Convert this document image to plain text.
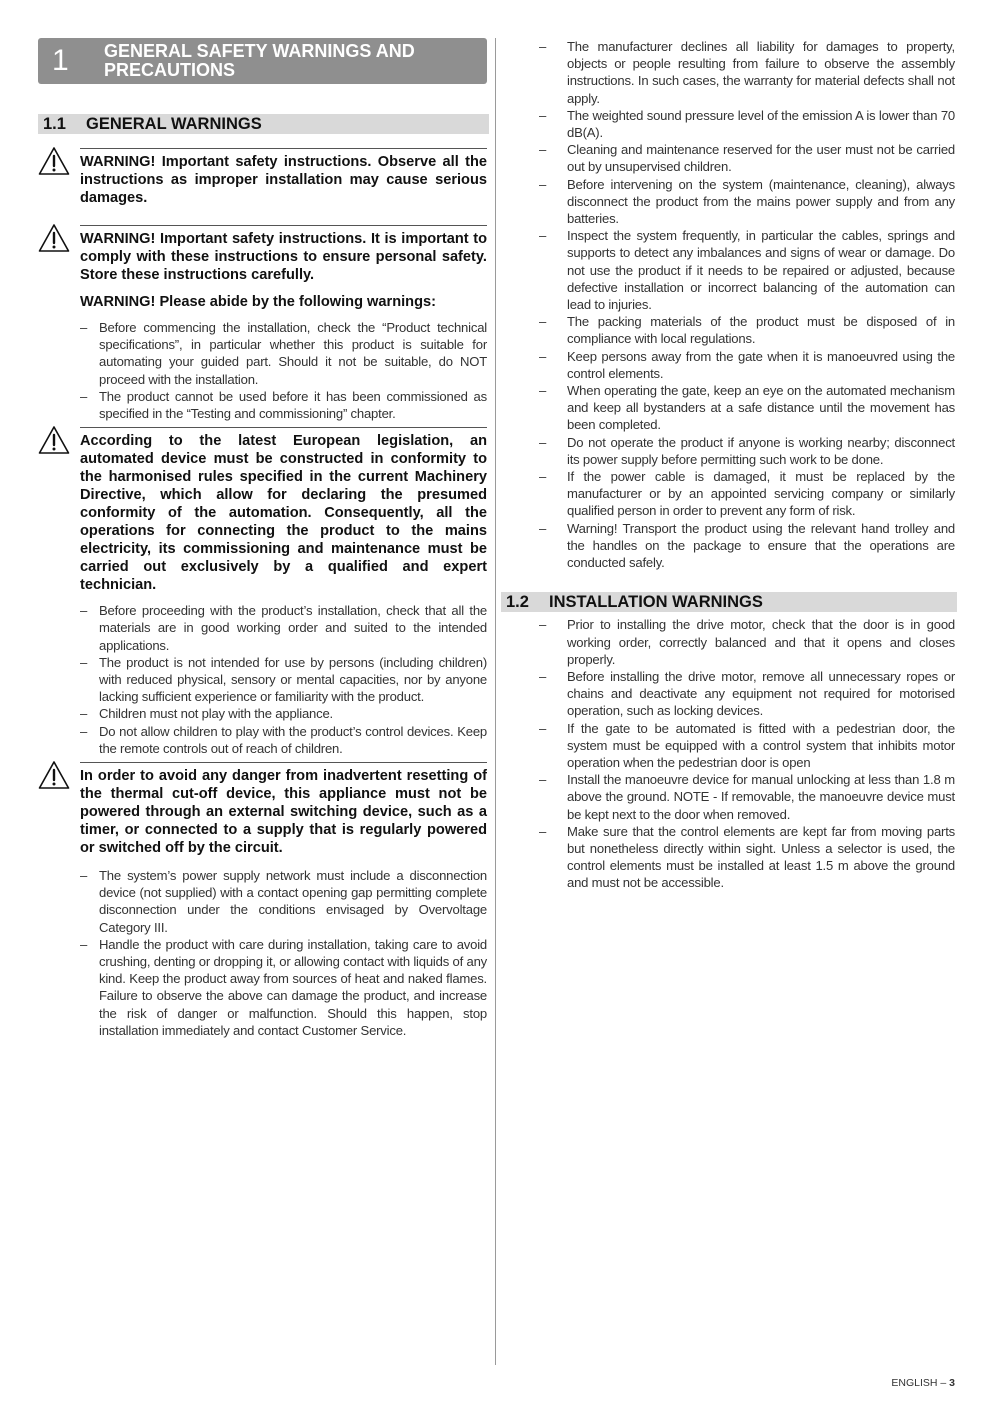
1 GENERAL SAFETY WARNINGS AND PRECAUTIONS
1.1 GENERAL WARNINGS
WARNING! Important safety instructions. Observe all the instructions as improper installation may cause serious damages.
WARNING! Important safety instructions. It is important to comply with these instructions to ensure personal safety. Store these instructions carefully.
WARNING! Please abide by the following warnings:
– Before commencing the installation, check the “Product technical specifications”, in particular whether this product is suitable for automating your guided part. Should it not be suitable, do NOT proceed with the installation.
– The product cannot be used before it has been commissioned as specified in the “Testing and commissioning” chapter.
According to the latest European legislation, an automated device must be constructed in conformity to the harmonised rules specified in the current Machinery Directive, which allow for declaring the presumed conformity of the automation. Consequently, all the operations for connecting the product to the mains electricity, its commissioning and maintenance must be carried out exclusively by a qualified and expert technician.
– Before proceeding with the product’s installation, check that all the materials are in good working order and suited to the intended applications.
– The product is not intended for use by persons (including children) with reduced physical, sensory or mental capacities, nor by anyone lacking sufficient experience or familiarity with the product.
– Children must not play with the appliance.
– Do not allow children to play with the product’s control devices. Keep the remote controls out of reach of children.
In order to avoid any danger from inadvertent resetting of the thermal cut-off device, this appliance must not be powered through an external switching device, such as a timer, or connected to a supply that is regularly powered or switched off by the circuit.
– The system’s power supply network must include a disconnection device (not supplied) with a contact opening gap permitting complete disconnection under the conditions envisaged by Overvoltage Category III.
– Handle the product with care during installation, taking care to avoid crushing, denting or dropping it, or allowing contact with liquids of any kind. Keep the product away from sources of heat and naked flames. Failure to observe the above can damage the product, and increase the risk of danger or malfunction. Should this happen, stop installation immediately and contact Customer Service.
– The manufacturer declines all liability for damages to property, objects or people resulting from failure to observe the assembly instructions. In such cases, the warranty for material defects shall not apply.
– The weighted sound pressure level of the emission A is lower than 70 dB(A).
– Cleaning and maintenance reserved for the user must not be carried out by unsupervised children.
– Before intervening on the system (maintenance, cleaning), always disconnect the product from the mains power supply and from any batteries.
– Inspect the system frequently, in particular the cables, springs and supports to detect any imbalances and signs of wear or damage. Do not use the product if it needs to be repaired or adjusted, because defective installation or incorrect balancing of the automation can lead to injuries.
– The packing materials of the product must be disposed of in compliance with local regulations.
– Keep persons away from the gate when it is manoeuvred using the control elements.
– When operating the gate, keep an eye on the automated mechanism and keep all bystanders at a safe distance until the movement has been completed.
– Do not operate the product if anyone is working nearby; disconnect its power supply before permitting such work to be done.
– If the power cable is damaged, it must be replaced by the manufacturer or by an appointed servicing company or similarly qualified person in order to prevent any form of risk.
– Warning! Transport the product using the relevant hand trolley and the handles on the package to ensure that the operations are conducted safely.
1.2 INSTALLATION WARNINGS
– Prior to installing the drive motor, check that the door is in good working order, correctly balanced and that it opens and closes properly.
– Before installing the drive motor, remove all unnecessary ropes or chains and deactivate any equipment not required for motorised operation, such as locking devices.
– If the gate to be automated is fitted with a pedestrian door, the system must be equipped with a control system that inhibits motor operation when the pedestrian door is open
– Install the manoeuvre device for manual unlocking at less than 1.8 m above the ground. NOTE - If removable, the manoeuvre device must be kept next to the door when removed.
– Make sure that the control elements are kept far from moving parts but nonetheless directly within sight. Unless a selector is used, the control elements must be installed at least 1.5 m above the ground and must not be accessible.
ENGLISH – 3
